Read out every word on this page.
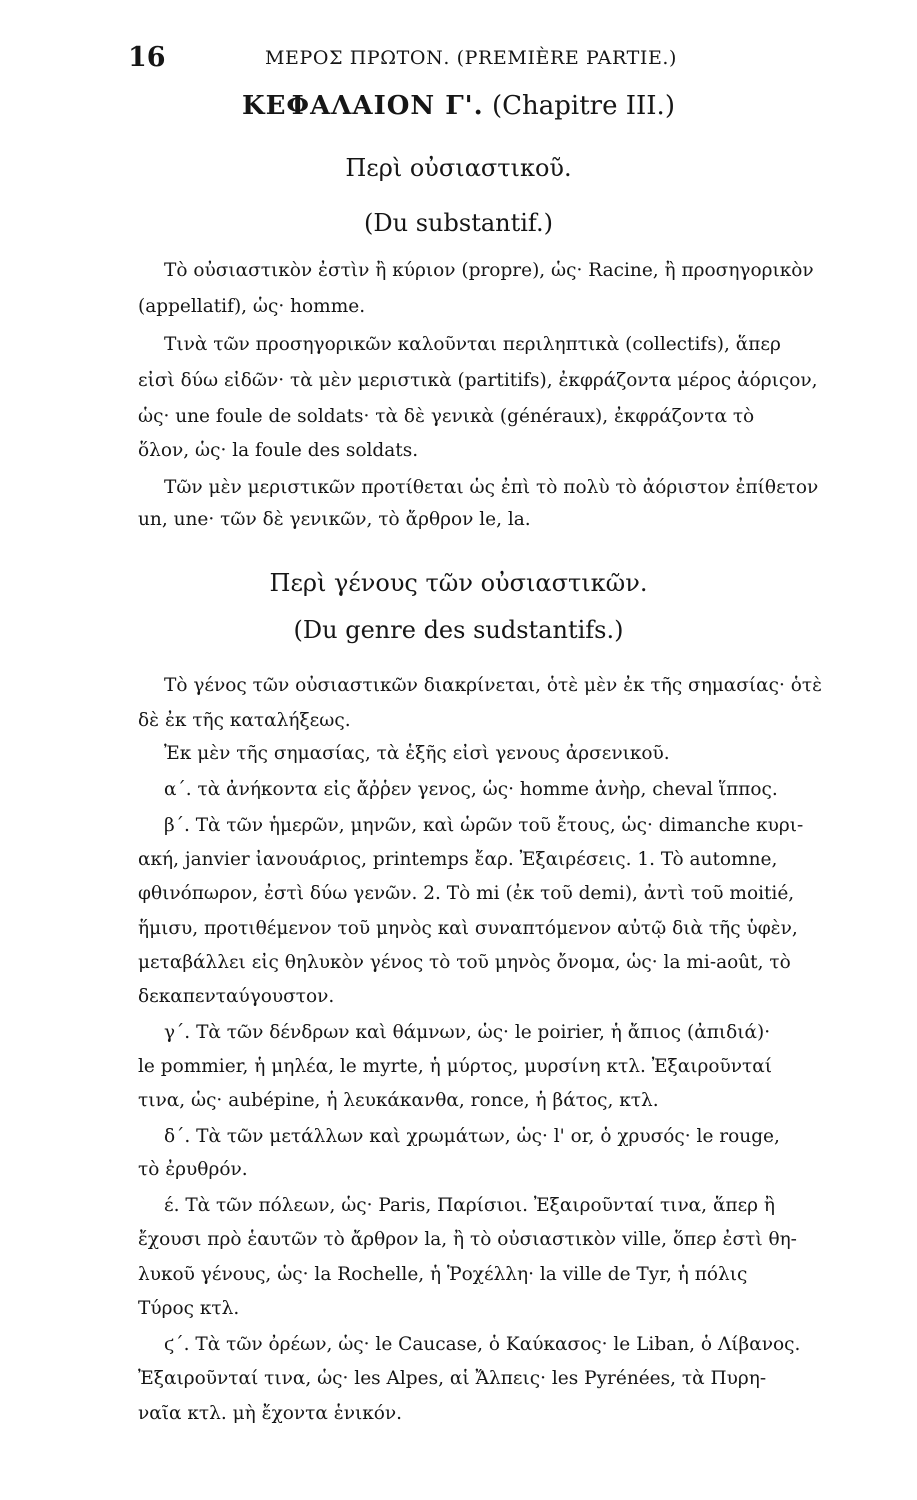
16	ΜΕΡΟΣ ΠΡΩΤΟΝ. (PREMIÈRE PARTIE.)
ΚΕΦΑΛΑΙΟΝ Γ'. (Chapitre III.)
Περὶ οὐσιαστικοῦ.
(Du substantif.)
Τὸ οὐσιαστικὸν ἐστὶν ἢ κύριον (propre), ὡς· Racine, ἢ προσηγορικὸν
(appellatif), ὡς· homme.
Τινὰ τῶν προσηγορικῶν καλοῦνται περιληπτικὰ (collectifs), ἅπερ
εἰσὶ δύω εἰδῶν· τὰ μὲν μεριστικὰ (partitifs), ἐκφράζοντα μέρος ἀόριςον,
ὡς· une foule de soldats· τὰ δὲ γενικὰ (généraux), ἐκφράζοντα τὸ
ὅλον, ὡς· la foule des soldats.
Τῶν μὲν μεριστικῶν προτίθεται ὡς ἐπὶ τὸ πολὺ τὸ ἀόριστον ἐπίθετον
un, une· τῶν δὲ γενικῶν, τὸ ἄρθρον le, la.
Περὶ γένους τῶν οὐσιαστικῶν.
(Du genre des sudstantifs.)
Τὸ γένος τῶν οὐσιαστικῶν διακρίνεται, ὁτὲ μὲν ἐκ τῆς σημασίας· ὁτὲ
δὲ ἐκ τῆς καταλήξεως.
Ἐκ μὲν τῆς σημασίας, τὰ ἑξῆς εἰσὶ γενους ἀρσενικοῦ.
α΄. τὰ ἀνήκοντα εἰς ἄῤῥεν γενος, ὡς· homme ἀνὴρ, cheval ἵππος.
β΄. Τὰ τῶν ἡμερῶν, μηνῶν, καὶ ὡρῶν τοῦ ἔτους, ὡς· dimanche κυρι-
ακή, janvier ἰανουάριος, printemps ἔαρ. Ἐξαιρέσεις. 1. Tò automne,
φθινόπωρον, ἐστὶ δύω γενῶν. 2. Τὸ mi (ἐκ τοῦ demi), ἀντὶ τοῦ moitié,
ἥμισυ, προτιθέμενον τοῦ μηνὸς καὶ συναπτόμενον αὐτῷ διὰ τῆς ὑφὲν,
μεταβάλλει εἰς θηλυκὸν γένος τὸ τοῦ μηνὸς ὄνομα, ὡς· la mi-août, τὸ
δεκαπενταύγουστον.
γ΄. Τὰ τῶν δένδρων καὶ θάμνων, ὡς· le poirier, ἡ ἄπιος (ἀπιδιά)·
le pommier, ἡ μηλέα, le myrte, ἡ μύρτος, μυρσίνη κτλ. Ἐξαιροῦνταί
τινα, ὡς· aubépine, ἡ λευκάκανθα, ronce, ἡ βάτος, κτλ.
δ΄. Τὰ τῶν μετάλλων καὶ χρωμάτων, ὡς· l' or, ὁ χρυσός· le rouge,
τὸ ἐρυθρόν.
έ. Τὰ τῶν πόλεων, ὡς· Paris, Παρίσιοι. Ἐξαιροῦνταί τινα, ἅπερ ἢ
ἔχουσι πρὸ ἑαυτῶν τὸ ἄρθρον la, ἢ τὸ οὐσιαστικὸν ville, ὅπερ ἐστὶ θη-
λυκοῦ γένους, ὡς· la Rochelle, ἡ Ῥοχέλλη· la ville de Tyr, ἡ πόλις
Τύρος κτλ.
ϛ΄. Τὰ τῶν ὀρέων, ὡς· le Caucase, ὁ Καύκασος· le Liban, ὁ Λίβανος.
Ἐξαιροῦνταί τινα, ὡς· les Alpes, αἱ Ἄλπεις· les Pyrénées, τὰ Πυρη-
ναῖα κτλ. μὴ ἔχοντα ἑνικόν.
